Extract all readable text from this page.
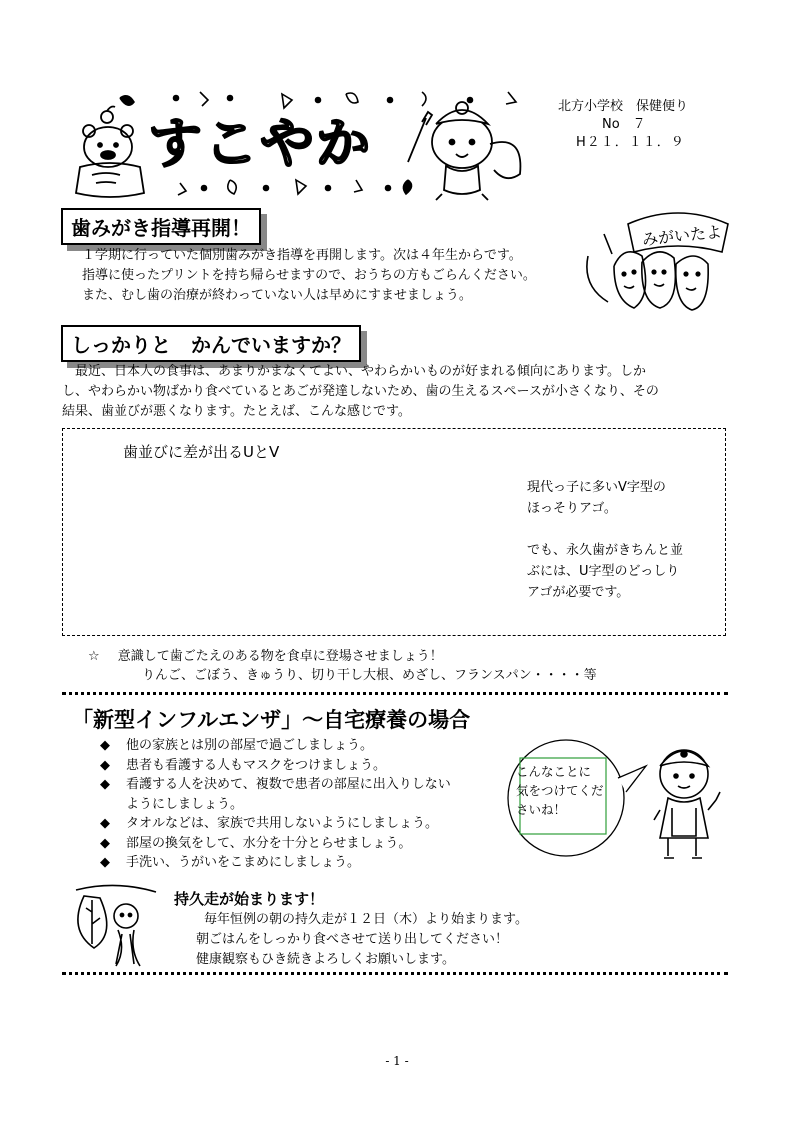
すこやか
北方小学校　保健便り
No　７
H２１．１１．９
歯みがき指導再開！
１学期に行っていた個別歯みがき指導を再開します。次は４年生からです。
指導に使ったプリントを持ち帰らせますので、おうちの方もごらんください。
また、むし歯の治療が終わっていない人は早めにすませましょう。
みがいたよ
しっかりと　かんでいますか？
　最近、日本人の食事は、あまりかまなくてよい、やわらかいものが好まれる傾向にあります。しか
し、やわらかい物ばかり食べているとあごが発達しないため、歯の生えるスペースが小さくなり、その
結果、歯並びが悪くなります。たとえば、こんな感じです。
歯並びに差が出るUとV
現代っ子に多いV字型の
ほっそりアゴ。
でも、永久歯がきちんと並
ぶには、U字型のどっしり
アゴが必要です。
☆ 意識して歯ごたえのある物を食卓に登場させましょう！
りんご、ごぼう、きゅうり、切り干し大根、めざし、フランスパン・・・・等
「新型インフルエンザ」〜自宅療養の場合
◆	他の家族とは別の部屋で過ごしましょう。
◆	患者も看護する人もマスクをつけましょう。
◆	看護する人を決めて、複数で患者の部屋に出入りしない
ようにしましょう。
◆	タオルなどは、家族で共用しないようにしましょう。
◆	部屋の換気をして、水分を十分とらせましょう。
◆	手洗い、うがいをこまめにしましょう。
こんなことに
気をつけてくだ
さいね！
持久走が始まります！
毎年恒例の朝の持久走が１２日（木）より始まります。
朝ごはんをしっかり食べさせて送り出してください！
健康観察もひき続きよろしくお願いします。
- 1 -
